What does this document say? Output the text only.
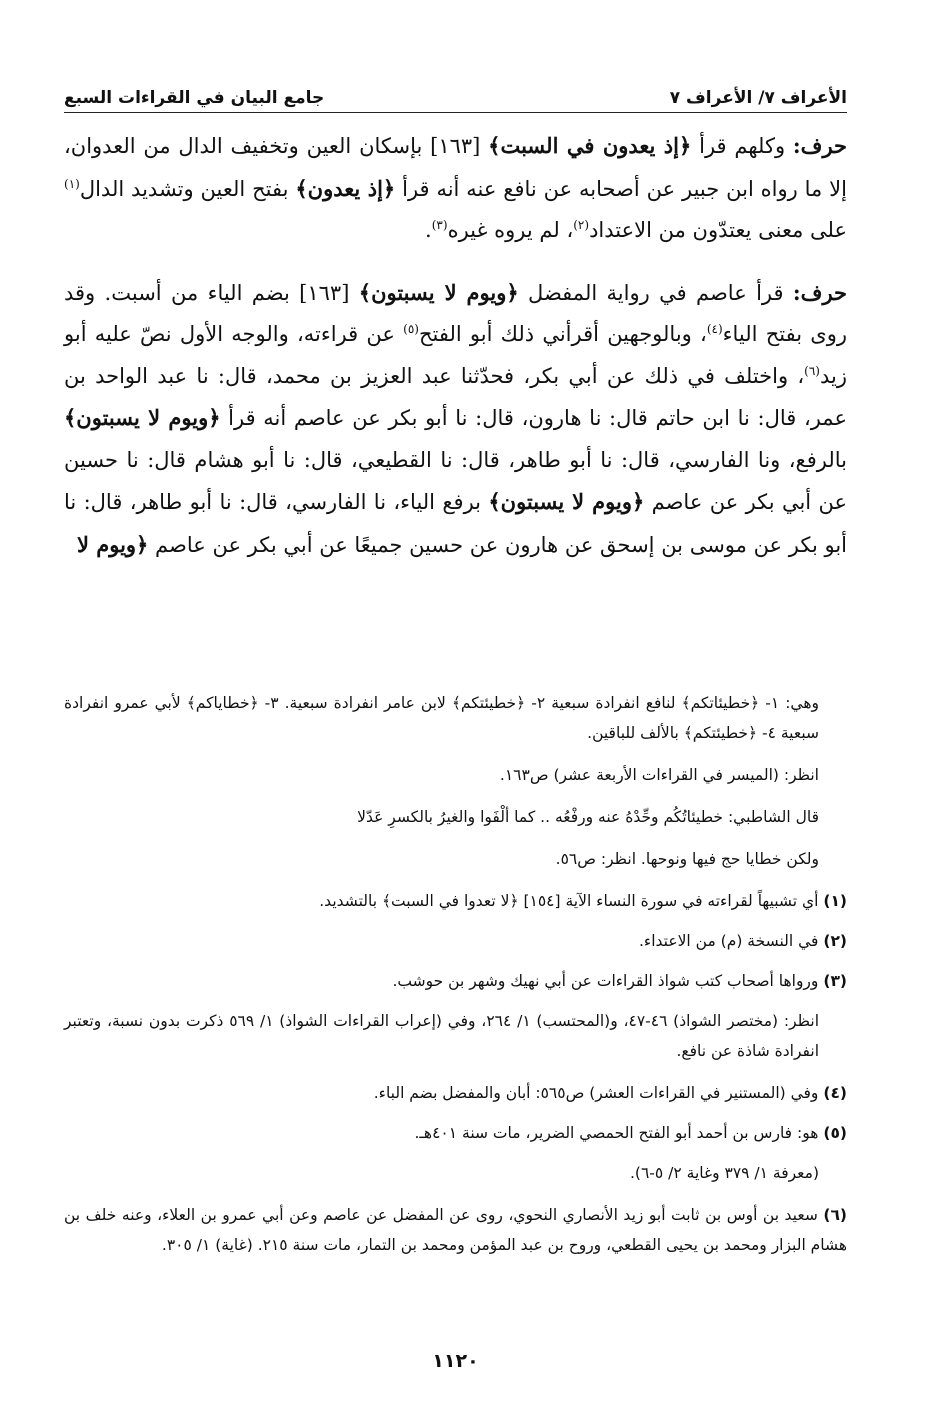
الأعراف ٧/ الأعراف ٧
جامع البيان في القراءات السبع

حرف: وكلهم قرأ ﴿إذ يعدون في السبت﴾ [١٦٣] بإسكان العين وتخفيف الدال من العدوان، إلا ما رواه ابن جبير عن أصحابه عن نافع عنه أنه قرأ ﴿إذ يعدون﴾ بفتح العين وتشديد الدال$^{(١)}$ على معنى يعتدّون من الاعتداد$^{(٢)}$، لم يروه غيره$^{(٣)}$.

حرف: قرأ عاصم في رواية المفضل ﴿ويوم لا يسبتون﴾ [١٦٣] بضم الياء من أسبت. وقد روى بفتح الياء$^{(٤)}$، وبالوجهين أقرأني ذلك أبو الفتح$^{(٥)}$ عن قراءته، والوجه الأول نصّ عليه أبو زيد$^{(٦)}$، واختلف في ذلك عن أبي بكر، فحدّثنا عبد العزيز بن محمد، قال: نا عبد الواحد بن عمر، قال: نا ابن حاتم قال: نا هارون، قال: نا أبو بكر عن عاصم أنه قرأ ﴿ويوم لا يسبتون﴾ بالرفع، ونا الفارسي، قال: نا أبو طاهر، قال: نا القطيعي، قال: نا أبو هشام قال: نا حسين عن أبي بكر عن عاصم ﴿ويوم لا يسبتون﴾ برفع الياء، نا الفارسي، قال: نا أبو طاهر، قال: نا أبو بكر عن موسى بن إسحق عن هارون عن حسين جميعًا عن أبي بكر عن عاصم ﴿ويوم لا

وهي: ١- ﴿خطيئاتكم﴾ لنافع انفرادة سبعية ٢- ﴿خطيئتكم﴾ لابن عامر انفرادة سبعية. ٣- ﴿خطاياكم﴾ لأبي عمرو انفرادة سبعية ٤- ﴿خطيئتكم﴾ بالألف للباقين.

انظر: (الميسر في القراءات الأربعة عشر) ص١٦٣.

قال الشاطبي: خطيئاتُكُم وحِّدْهُ عنه ورفْعُه .. كما ألْفَوا والغيرُ بالكسرِ عَدّلا

ولكن خطايا حج فيها ونوحها. انظر: ص٥٦.

(١) أي تشبيهاً لقراءته في سورة النساء الآية [١٥٤] ﴿لا تعدوا في السبت﴾ بالتشديد.

(٢) في النسخة (م) من الاعتداء.

(٣) ورواها أصحاب كتب شواذ القراءات عن أبي نهيك وشهر بن حوشب.

انظر: (مختصر الشواذ) ٤٦-٤٧، و(المحتسب) ١/ ٢٦٤، وفي (إعراب القراءات الشواذ) ١/ ٥٦٩ ذكرت بدون نسبة، وتعتبر انفرادة شاذة عن نافع.

(٤) وفي (المستنير في القراءات العشر) ص٥٦٥: أبان والمفضل بضم الباء.

(٥) هو: فارس بن أحمد أبو الفتح الحمصي الضرير، مات سنة ٤٠١هـ.

(معرفة ١/ ٣٧٩ وغاية ٢/ ٥-٦).

(٦) سعيد بن أوس بن ثابت أبو زيد الأنصاري النحوي، روى عن المفضل عن عاصم وعن أبي عمرو بن العلاء، وعنه خلف بن هشام البزار ومحمد بن يحيى القطعي، وروح بن عبد المؤمن ومحمد بن التمار، مات سنة ٢١٥. (غاية) ١/ ٣٠٥.

١١٢٠
